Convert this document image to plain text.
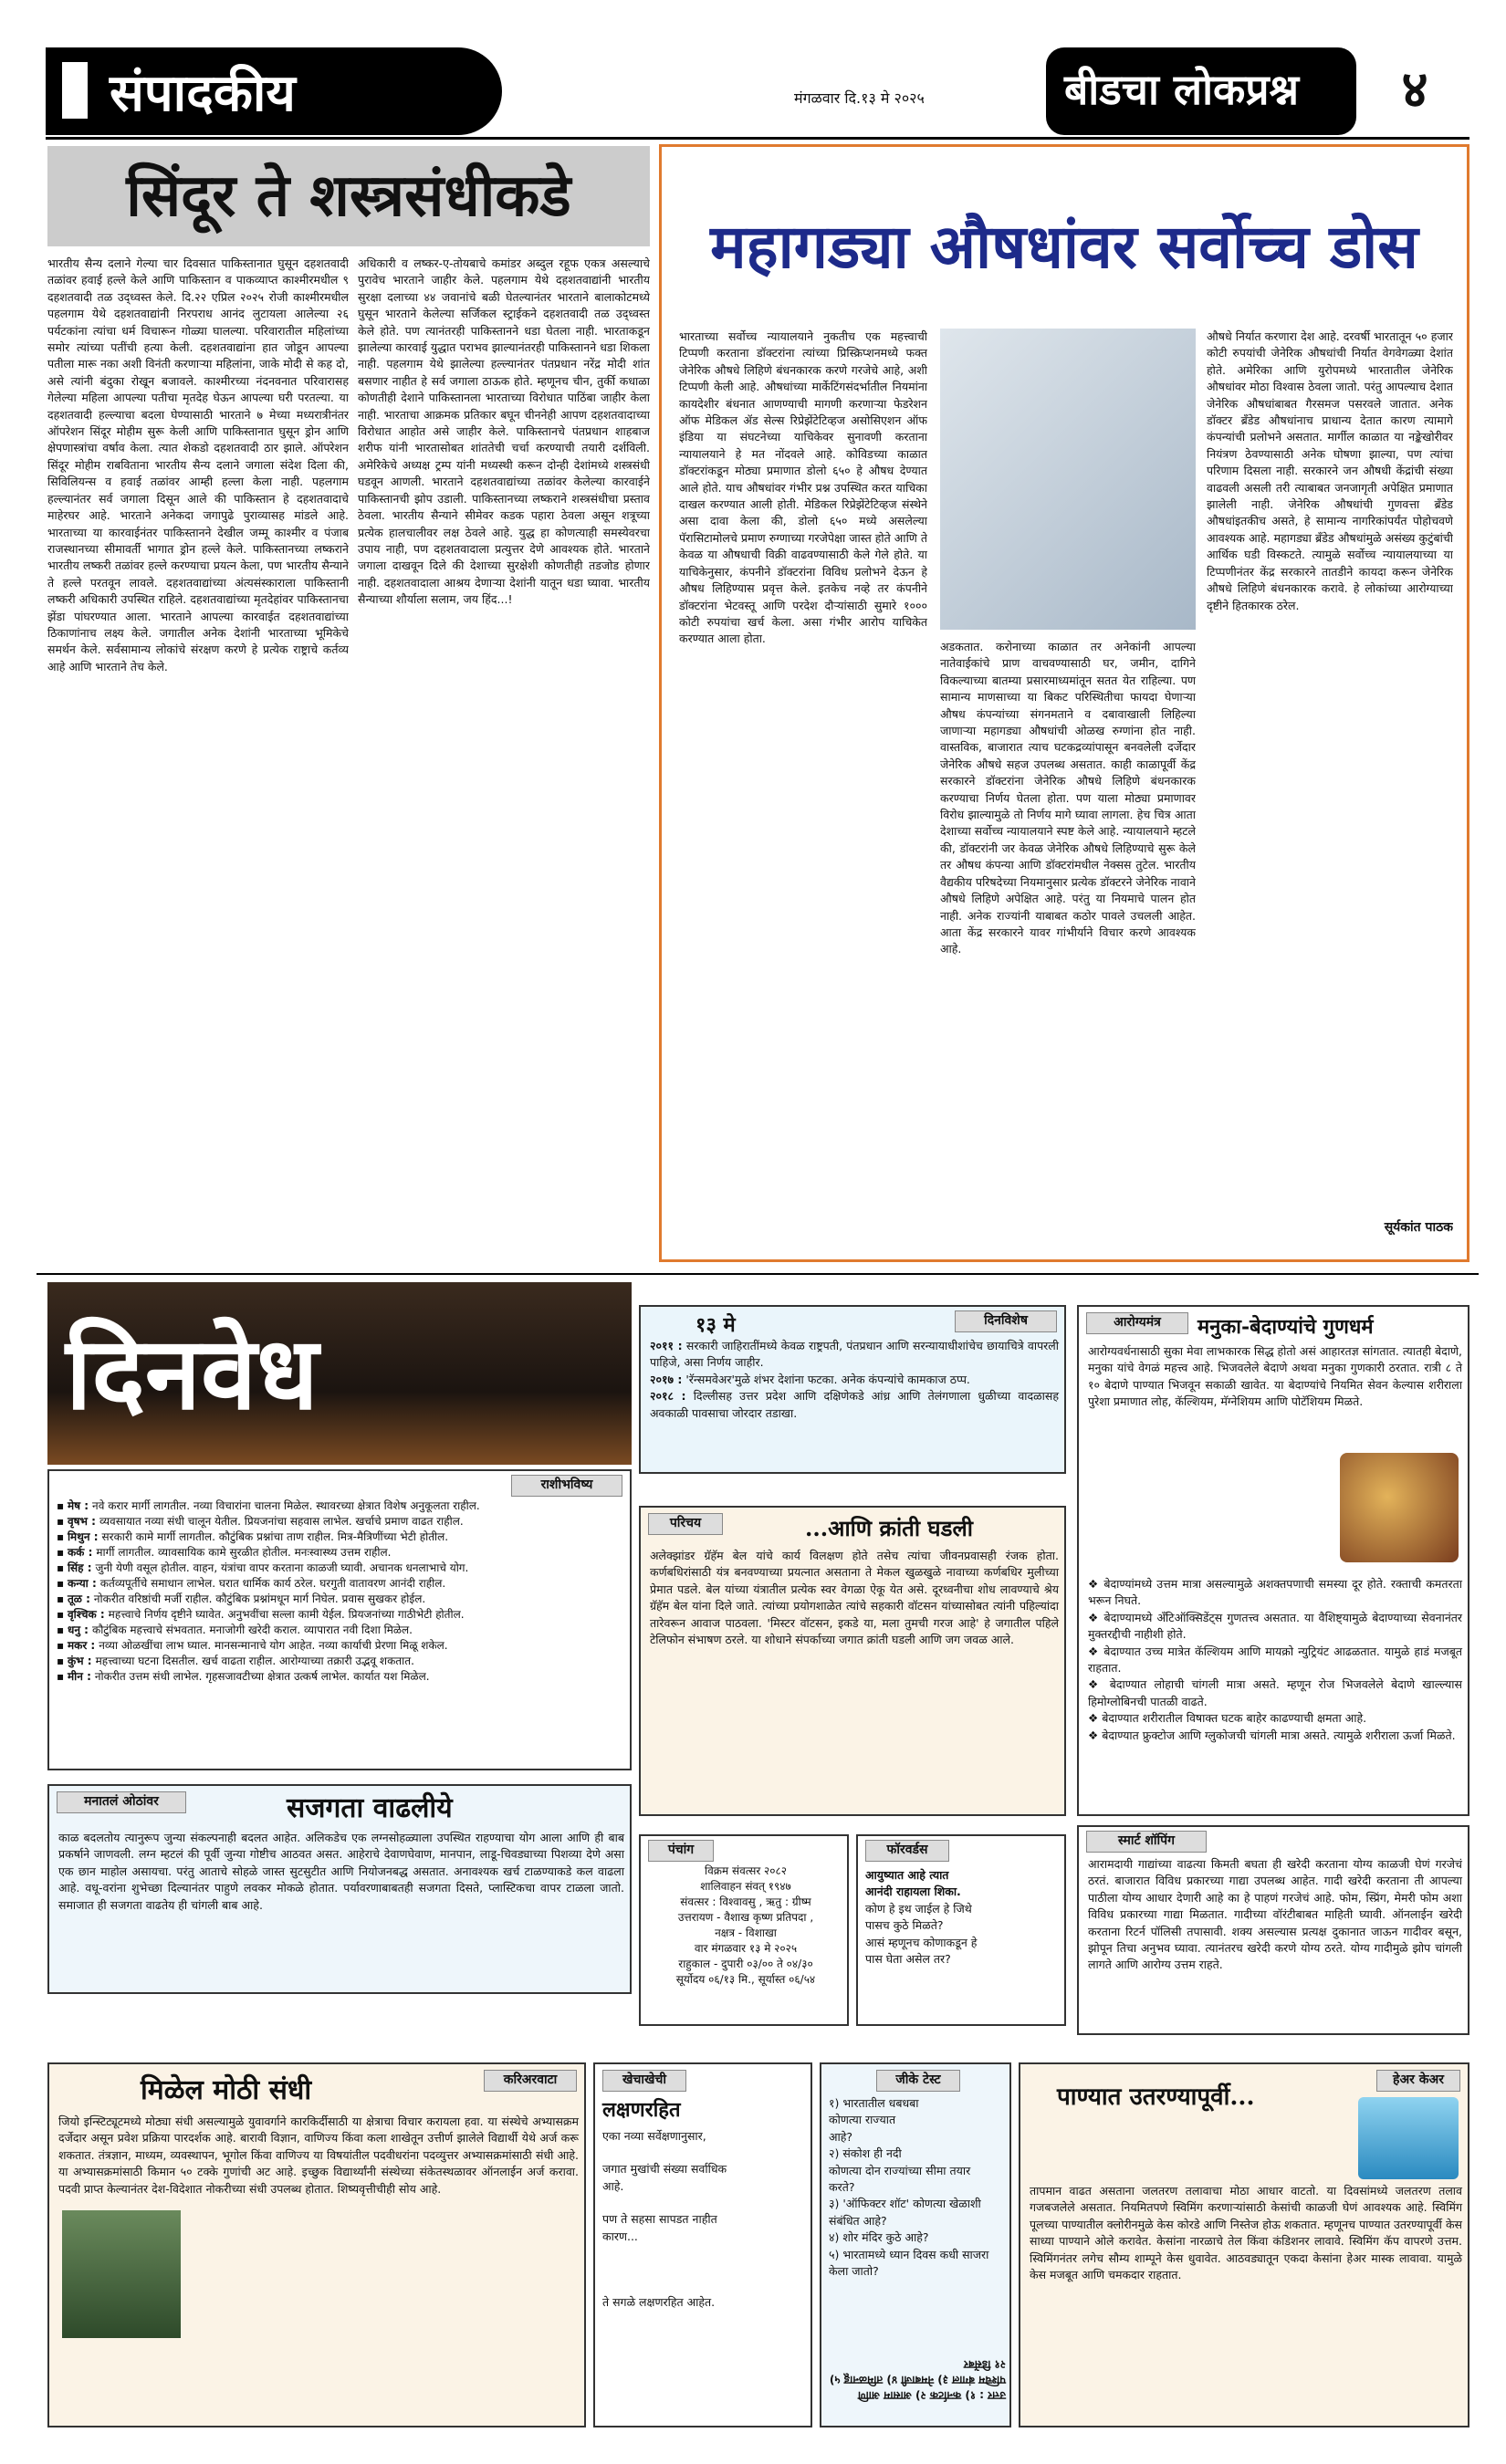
संपादकीय	मंगळवार दि.१३ मे २०२५	बीडचा लोकप्रश्न	४
सिंदूर ते शस्त्रसंधीकडे
भारतीय सैन्य दलाने गेल्या चार दिवसात पाकिस्तानात घुसून दहशतवादी तळांवर हवाई हल्ले केले आणि पाकिस्तान व पाकव्याप्त काश्मीरमधील ९ दहशतवादी तळ उद्ध्वस्त केले. दि.२२ एप्रिल २०२५ रोजी काश्मीरमधील पहलगाम येथे दहशतवाद्यांनी निरपराध आनंद लुटायला आलेल्या २६ पर्यटकांना त्यांचा धर्म विचारून गोळ्या घालल्या. परिवारातील महिलांच्या समोर त्यांच्या पतींची हत्या केली. दहशतवाद्यांना हात जोडून आपल्या पतीला मारू नका अशी विनंती करणाऱ्या महिलांना, जाके मोदी से कह दो, असे त्यांनी बंदुका रोखून बजावले. काश्मीरच्या नंदनवनात परिवारासह गेलेल्या महिला आपल्या पतीचा मृतदेह घेऊन आपल्या घरी परतल्या. या दहशतवादी हल्ल्याचा बदला घेण्यासाठी भारताने ७ मेच्या मध्यरात्रीनंतर ऑपरेशन सिंदूर मोहीम सुरू केली आणि पाकिस्तानात घुसून ड्रोन आणि क्षेपणास्त्रांचा वर्षाव केला. त्यात शेकडो दहशतवादी ठार झाले. ऑपरेशन सिंदूर मोहीम राबविताना भारतीय सैन्य दलाने जगाला संदेश दिला की, सिविलियन्स व हवाई तळांवर आम्ही हल्ला केला नाही. पहलगाम हल्ल्यानंतर सर्व जगाला दिसून आले की पाकिस्तान हे दहशतवादाचे माहेरघर आहे. भारताने अनेकदा जगापुढे पुराव्यासह मांडले आहे. भारताच्या या कारवाईनंतर पाकिस्तानने देखील जम्मू काश्मीर व पंजाब राजस्थानच्या सीमावर्ती भागात ड्रोन हल्ले केले. पाकिस्तानच्या लष्कराने भारतीय लष्करी तळांवर हल्ले करण्याचा प्रयत्न केला, पण भारतीय सैन्याने ते हल्ले परतवून लावले. दहशतवाद्यांच्या अंत्यसंस्काराला पाकिस्तानी लष्करी अधिकारी उपस्थित राहिले. दहशतवाद्यांच्या मृतदेहांवर पाकिस्तानचा झेंडा पांघरण्यात आला. भारताने आपल्या कारवाईत दहशतवाद्यांच्या ठिकाणांनाच लक्ष्य केले. जगातील अनेक देशांनी भारताच्या भूमिकेचे समर्थन केले. सर्वसामान्य लोकांचे संरक्षण करणे हे प्रत्येक राष्ट्राचे कर्तव्य आहे आणि भारताने तेच केले.
अधिकारी व लष्कर-ए-तोयबाचे कमांडर अब्दुल रहूफ एकत्र असल्याचे पुरावेच भारताने जाहीर केले. पहलगाम येथे दहशतवाद्यांनी भारतीय सुरक्षा दलाच्या ४४ जवानांचे बळी घेतल्यानंतर भारताने बालाकोटमध्ये घुसून भारताने केलेल्या सर्जिकल स्ट्राईकने दहशतवादी तळ उद्ध्वस्त केले होते. पण त्यानंतरही पाकिस्तानने धडा घेतला नाही. भारताकडून झालेल्या कारवाई युद्धात पराभव झाल्यानंतरही पाकिस्तानने धडा शिकला नाही. पहलगाम येथे झालेल्या हल्ल्यानंतर पंतप्रधान नरेंद्र मोदी शांत बसणार नाहीत हे सर्व जगाला ठाऊक होते. म्हणूनच चीन, तुर्की कधाळा कोणतीही देशाने पाकिस्तानला भारताच्या विरोधात पाठिंबा जाहीर केला नाही. भारताचा आक्रमक प्रतिकार बघून चीननेही आपण दहशतवादाच्या विरोधात आहोत असे जाहीर केले. पाकिस्तानचे पंतप्रधान शाहबाज शरीफ यांनी भारतासोबत शांततेची चर्चा करण्याची तयारी दर्शविली. अमेरिकेचे अध्यक्ष ट्रम्प यांनी मध्यस्थी करून दोन्ही देशांमध्ये शस्त्रसंधी घडवून आणली. भारताने दहशतवाद्यांच्या तळांवर केलेल्या कारवाईने पाकिस्तानची झोप उडाली. पाकिस्तानच्या लष्कराने शस्त्रसंधीचा प्रस्ताव ठेवला. भारतीय सैन्याने सीमेवर कडक पहारा ठेवला असून शत्रूच्या प्रत्येक हालचालीवर लक्ष ठेवले आहे. युद्ध हा कोणत्याही समस्येवरचा उपाय नाही, पण दहशतवादाला प्रत्युत्तर देणे आवश्यक होते. भारताने जगाला दाखवून दिले की देशाच्या सुरक्षेशी कोणतीही तडजोड होणार नाही. दहशतवादाला आश्रय देणाऱ्या देशांनी यातून धडा घ्यावा. भारतीय सैन्याच्या शौर्याला सलाम, जय हिंद...!
महागड्या औषधांवर सर्वोच्च डोस
भारताच्या सर्वोच्च न्यायालयाने नुकतीच एक महत्त्वाची टिप्पणी करताना डॉक्टरांना त्यांच्या प्रिस्क्रिप्शनमध्ये फक्त जेनेरिक औषधे लिहिणे बंधनकारक करणे गरजेचे आहे, अशी टिप्पणी केली आहे. औषधांच्या मार्केटिंगसंदर्भातील नियमांना कायदेशीर बंधनात आणण्याची मागणी करणाऱ्या फेडरेशन ऑफ मेडिकल ॲड सेल्स रिप्रेझेंटेटिव्हज असोसिएशन ऑफ इंडिया या संघटनेच्या याचिकेवर सुनावणी करताना न्यायालयाने हे मत नोंदवले आहे. कोविडच्या काळात डॉक्टरांकडून मोठ्या प्रमाणात डोलो ६५० हे औषध देण्यात आले होते. याच औषधांवर गंभीर प्रश्न उपस्थित करत याचिका दाखल करण्यात आली होती. मेडिकल रिप्रेझेंटेटिव्हज संस्थेने असा दावा केला की, डोलो ६५० मध्ये असलेल्या पॅरासिटामोलचे प्रमाण रुग्णाच्या गरजेपेक्षा जास्त होते आणि ते केवळ या औषधाची विक्री वाढवण्यासाठी केले गेले होते. या याचिकेनुसार, कंपनीने डॉक्टरांना विविध प्रलोभने देऊन हे औषध लिहिण्यास प्रवृत्त केले. इतकेच नव्हे तर कंपनीने डॉक्टरांना भेटवस्तू आणि परदेश दौऱ्यांसाठी सुमारे १००० कोटी रुपयांचा खर्च केला. असा गंभीर आरोप याचिकेत करण्यात आला होता.
अडकतात. करोनाच्या काळात तर अनेकांनी आपल्या नातेवाईकांचे प्राण वाचवण्यासाठी घर, जमीन, दागिने विकल्याच्या बातम्या प्रसारमाध्यमांतून सतत येत राहिल्या. पण सामान्य माणसाच्या या बिकट परिस्थितीचा फायदा घेणाऱ्या औषध कंपन्यांच्या संगनमताने व दबावाखाली लिहिल्या जाणाऱ्या महागड्या औषधांची ओळख रुग्णांना होत नाही. वास्तविक, बाजारात त्याच घटकद्रव्यांपासून बनवलेली दर्जेदार जेनेरिक औषधे सहज उपलब्ध असतात. काही काळापूर्वी केंद्र सरकारने डॉक्टरांना जेनेरिक औषधे लिहिणे बंधनकारक करण्याचा निर्णय घेतला होता. पण याला मोठ्या प्रमाणावर विरोध झाल्यामुळे तो निर्णय मागे घ्यावा लागला. हेच चित्र आता देशाच्या सर्वोच्च न्यायालयाने स्पष्ट केले आहे. न्यायालयाने म्हटले की, डॉक्टरांनी जर केवळ जेनेरिक औषधे लिहिण्याचे सुरू केले तर औषध कंपन्या आणि डॉक्टरांमधील नेक्सस तुटेल. भारतीय वैद्यकीय परिषदेच्या नियमानुसार प्रत्येक डॉक्टरने जेनेरिक नावाने औषधे लिहिणे अपेक्षित आहे. परंतु या नियमाचे पालन होत नाही. अनेक राज्यांनी याबाबत कठोर पावले उचलली आहेत. आता केंद्र सरकारने यावर गांभीर्याने विचार करणे आवश्यक आहे.
औषधे निर्यात करणारा देश आहे. दरवर्षी भारतातून ५० हजार कोटी रुपयांची जेनेरिक औषधांची निर्यात वेगवेगळ्या देशांत होते. अमेरिका आणि युरोपमध्ये भारतातील जेनेरिक औषधांवर मोठा विश्वास ठेवला जातो. परंतु आपल्याच देशात जेनेरिक औषधांबाबत गैरसमज पसरवले जातात. अनेक डॉक्टर ब्रँडेड औषधांनाच प्राधान्य देतात कारण त्यामागे कंपन्यांची प्रलोभने असतात. मार्गील काळात या नङ्केखोरीवर नियंत्रण ठेवण्यासाठी अनेक घोषणा झाल्या, पण त्यांचा परिणाम दिसला नाही. सरकारने जन औषधी केंद्रांची संख्या वाढवली असली तरी त्याबाबत जनजागृती अपेक्षित प्रमाणात झालेली नाही. जेनेरिक औषधांची गुणवत्ता ब्रँडेड औषधांइतकीच असते, हे सामान्य नागरिकांपर्यंत पोहोचवणे आवश्यक आहे. महागड्या ब्रँडेड औषधांमुळे असंख्य कुटुंबांची आर्थिक घडी विस्कटते. त्यामुळे सर्वोच्च न्यायालयाच्या या टिप्पणीनंतर केंद्र सरकारने तातडीने कायदा करून जेनेरिक औषधे लिहिणे बंधनकारक करावे. हे लोकांच्या आरोग्याच्या दृष्टीने हितकारक ठरेल.
सूर्यकांत पाठक
दिनवेध	दिनविशेष
१३ मे
२०११ : सरकारी जाहिरातींमध्ये केवळ राष्ट्रपती, पंतप्रधान आणि सरन्यायाधीशांचेच छायाचित्रे वापरली पाहिजे, असा निर्णय जाहीर.
२०१७ : 'रॅन्समवेअर'मुळे शंभर देशांना फटका. अनेक कंपन्यांचे कामकाज ठप्प.
२०१८ : दिल्लीसह उत्तर प्रदेश आणि दक्षिणेकडे आंध्र आणि तेलंगणाला धुळीच्या वादळासह अवकाळी पावसाचा जोरदार तडाखा.
आरोग्यमंत्र	मनुका-बेदाण्यांचे गुणधर्म
आरोग्यवर्धनासाठी सुका मेवा लाभकारक सिद्ध होतो असं आहारतज्ञ सांगतात. त्यातही बेदाणे, मनुका यांचे वेगळं महत्त्व आहे. भिजवलेले बेदाणे अथवा मनुका गुणकारी ठरतात. रात्री ८ ते १० बेदाणे पाण्यात भिजवून सकाळी खावेत. या बेदाण्यांचे नियमित सेवन केल्यास शरीराला पुरेशा प्रमाणात लोह, कॅल्शियम, मॅग्नेशियम आणि पोटॅशियम मिळते.
❖ बेदाण्यांमध्ये उत्तम मात्रा असल्यामुळे अशक्तपणाची समस्या दूर होते. रक्ताची कमतरता भरून निघते.
❖ बेदाण्यामध्ये अँटिऑक्सिडेंट्स गुणतत्त्व असतात. या वैशिष्ट्यामुळे बेदाण्याच्या सेवनानंतर मुक्तरद्दीची नाहीशी होते.
❖ बेदाण्यात उच्च मात्रेत कॅल्शियम आणि मायक्रो न्युट्रियंट आढळतात. यामुळे हाडं मजबूत राहतात.
❖ बेदाण्यात लोहाची चांगली मात्रा असते. म्हणून रोज भिजवलेले बेदाणे खाल्ल्यास हिमोग्लोबिनची पातळी वाढते.
❖ बेदाण्यात शरीरातील विषाक्त घटक बाहेर काढण्याची क्षमता आहे.
❖ बेदाण्यात फ्रुक्टोज आणि ग्लुकोजची चांगली मात्रा असते. त्यामुळे शरीराला ऊर्जा मिळते.
राशीभविष्य
▪ मेष : नवे करार मार्गी लागतील. नव्या विचारांना चालना मिळेल. स्थावरच्या क्षेत्रात विशेष अनुकूलता राहील.
▪ वृषभ : व्यवसायात नव्या संधी चालून येतील. प्रियजनांचा सहवास लाभेल. खर्चाचे प्रमाण वाढत राहील.
▪ मिथुन : सरकारी कामे मार्गी लागतील. कौटुंबिक प्रश्नांचा ताण राहील. मित्र-मैत्रिणींच्या भेटी होतील.
▪ कर्क : मार्गी लागतील. व्यावसायिक कामे सुरळीत होतील. मनःस्वास्थ्य उत्तम राहील.
▪ सिंह : जुनी येणी वसूल होतील. वाहन, यंत्रांचा वापर करताना काळजी घ्यावी. अचानक धनलाभाचे योग.
▪ कन्या : कर्तव्यपूर्तीचे समाधान लाभेल. घरात धार्मिक कार्य ठरेल. घरगुती वातावरण आनंदी राहील.
▪ तूळ : नोकरीत वरिष्ठांची मर्जी राहील. कौटुंबिक प्रश्नांमधून मार्ग निघेल. प्रवास सुखकर होईल.
▪ वृश्चिक : महत्त्वाचे निर्णय दृष्टीने घ्यावेत. अनुभवींचा सल्ला कामी येईल. प्रियजनांच्या गाठीभेटी होतील.
▪ धनु : कौटुंबिक महत्त्वाचे संभवतात. मनाजोगी खरेदी कराल. व्यापारात नवी दिशा मिळेल.
▪ मकर : नव्या ओळखींचा लाभ घ्याल. मानसन्मानाचे योग आहेत. नव्या कार्याची प्रेरणा मिळू शकेल.
▪ कुंभ : महत्त्वाच्या घटना दिसतील. खर्च वाढता राहील. आरोग्याच्या तक्रारी उद्भवू शकतात.
▪ मीन : नोकरीत उत्तम संधी लाभेल. गृहसजावटीच्या क्षेत्रात उत्कर्ष लाभेल. कार्यात यश मिळेल.
परिचय	...आणि क्रांती घडली
अलेक्झांडर ग्रॅहॅम बेल यांचे कार्य विलक्षण होते तसेच त्यांचा जीवनप्रवासही रंजक होता. कर्णबधिरांसाठी यंत्र बनवण्याच्या प्रयत्नात असताना ते मेकल खुळखुळे नावाच्या कर्णबधिर मुलीच्या प्रेमात पडले. बेल यांच्या यंत्रातील प्रत्येक स्वर वेगळा ऐकू येत असे. दूरध्वनीचा शोध लावण्याचे श्रेय ग्रॅहॅम बेल यांना दिले जाते. त्यांच्या प्रयोगशाळेत त्यांचे सहकारी वॉटसन यांच्यासोबत त्यांनी पहिल्यांदा तारेवरून आवाज पाठवला. 'मिस्टर वॉटसन, इकडे या, मला तुमची गरज आहे' हे जगातील पहिले टेलिफोन संभाषण ठरले. या शोधाने संपर्काच्या जगात क्रांती घडली आणि जग जवळ आले.
मनातलं ओठांवर	सजगता वाढलीये
काळ बदलतोय त्यानुरूप जुन्या संकल्पनाही बदलत आहेत. अलिकडेच एक लग्नसोहळ्याला उपस्थित राहण्याचा योग आला आणि ही बाब प्रकर्षाने जाणवली. लग्न म्हटलं की पूर्वी जुन्या गोष्टीच आठवत असत. आहेराचे देवाणघेवाण, मानपान, लाडू-चिवड्याच्या पिशव्या देणे असा एक छान माहोल असायचा. परंतु आताचे सोहळे जास्त सुटसुटीत आणि नियोजनबद्ध असतात. अनावश्यक खर्च टाळण्याकडे कल वाढला आहे. वधू-वरांना शुभेच्छा दिल्यानंतर पाहुणे लवकर मोकळे होतात. पर्यावरणाबाबतही सजगता दिसते, प्लास्टिकचा वापर टाळला जातो. समाजात ही सजगता वाढतेय ही चांगली बाब आहे.
स्मार्ट शॉपिंग
आरामदायी गाद्यांच्या वाढत्या किमती बघता ही खरेदी करताना योग्य काळजी घेणं गरजेचं ठरतं. बाजारात विविध प्रकारच्या गाद्या उपलब्ध आहेत. गादी खरेदी करताना ती आपल्या पाठीला योग्य आधार देणारी आहे का हे पाहणं गरजेचं आहे. फोम, स्प्रिंग, मेमरी फोम अशा विविध प्रकारच्या गाद्या मिळतात. गादीच्या वॉरंटीबाबत माहिती घ्यावी. ऑनलाईन खरेदी करताना रिटर्न पॉलिसी तपासावी. शक्य असल्यास प्रत्यक्ष दुकानात जाऊन गादीवर बसून, झोपून तिचा अनुभव घ्यावा. त्यानंतरच खरेदी करणे योग्य ठरते. योग्य गादीमुळे झोप चांगली लागते आणि आरोग्य उत्तम राहते.
पंचांग
विक्रम संवत्सर २०८२
शालिवाहन संवत् १९४७
संवत्सर : विश्वावसु , ऋतु : ग्रीष्म
उत्तरायण - वैशाख कृष्ण प्रतिपदा ,
नक्षत्र - विशाखा
वार मंगळवार १३ मे २०२५
राहुकाल - दुपारी ०३/०० ते ०४/३०
सूर्योदय ०६/१३ मि., सूर्यास्त ०६/५४
फॉरवर्डस
आयुष्यात आहे त्यात
आनंदी राहायला शिका.
कोण हे इथ जाईल हे जिथे
पासच कुठे मिळते?
आसं म्हणूनच कोणाकडून हे
पास घेता असेल तर?
करिअरवाटा
मिळेल मोठी संधी
जियो इन्स्टिट्यूटमध्ये मोठ्या संधी असल्यामुळे युवावर्गाने कारकिर्दीसाठी या क्षेत्राचा विचार करायला हवा. या संस्थेचे अभ्यासक्रम दर्जेदार असून प्रवेश प्रक्रिया पारदर्शक आहे. बारावी विज्ञान, वाणिज्य किंवा कला शाखेतून उत्तीर्ण झालेले विद्यार्थी येथे अर्ज करू शकतात. तंत्रज्ञान, माध्यम, व्यवस्थापन, भूगोल किंवा वाणिज्य या विषयांतील पदवीधरांना पदव्युत्तर अभ्यासक्रमांसाठी संधी आहे. या अभ्यासक्रमांसाठी किमान ५० टक्के गुणांची अट आहे. इच्छुक विद्यार्थ्यांनी संस्थेच्या संकेतस्थळावर ऑनलाईन अर्ज करावा. पदवी प्राप्त केल्यानंतर देश-विदेशात नोकरीच्या संधी उपलब्ध होतात. शिष्यवृत्तीचीही सोय आहे.
खेचाखेची
लक्षणरहित
एका नव्या सर्वेक्षणानुसार,
जगात मुखांची संख्या सर्वाधिक
आहे.
पण ते सहसा सापडत नाहीत
कारण...
ते सगळे लक्षणरहित आहेत.
जीके टेस्ट
१) भारतातील धबधबा
कोणत्या राज्यात
आहे?
२) संकोश ही नदी
कोणत्या दोन राज्यांच्या सीमा तयार
करते?
३) 'ऑफिक्टर शॉट' कोणत्या खेळाशी
संबंधित आहे?
४) शोर मंदिर कुठे आहे?
५) भारतामध्ये ध्यान दिवस कधी साजरा
केला जातो?
उत्तर : १) कर्नाटक २) आसाम आणि पश्चिम बंगाल ३) नेमबाजी ४) तमिळनाडू ५) २१ डिसेंबर
हेअर केअर
पाण्यात उतरण्यापूर्वी...
तापमान वाढत असताना जलतरण तलावाचा मोठा आधार वाटतो. या दिवसांमध्ये जलतरण तलाव गजबजलेले असतात. नियमितपणे स्विमिंग करणाऱ्यांसाठी केसांची काळजी घेणं आवश्यक आहे. स्विमिंग पूलच्या पाण्यातील क्लोरीनमुळे केस कोरडे आणि निस्तेज होऊ शकतात. म्हणूनच पाण्यात उतरण्यापूर्वी केस साध्या पाण्याने ओले करावेत. केसांना नारळाचे तेल किंवा कंडिशनर लावावे. स्विमिंग कॅप वापरणे उत्तम. स्विमिंगनंतर लगेच सौम्य शाम्पूने केस धुवावेत. आठवड्यातून एकदा केसांना हेअर मास्क लावावा. यामुळे केस मजबूत आणि चमकदार राहतात.
